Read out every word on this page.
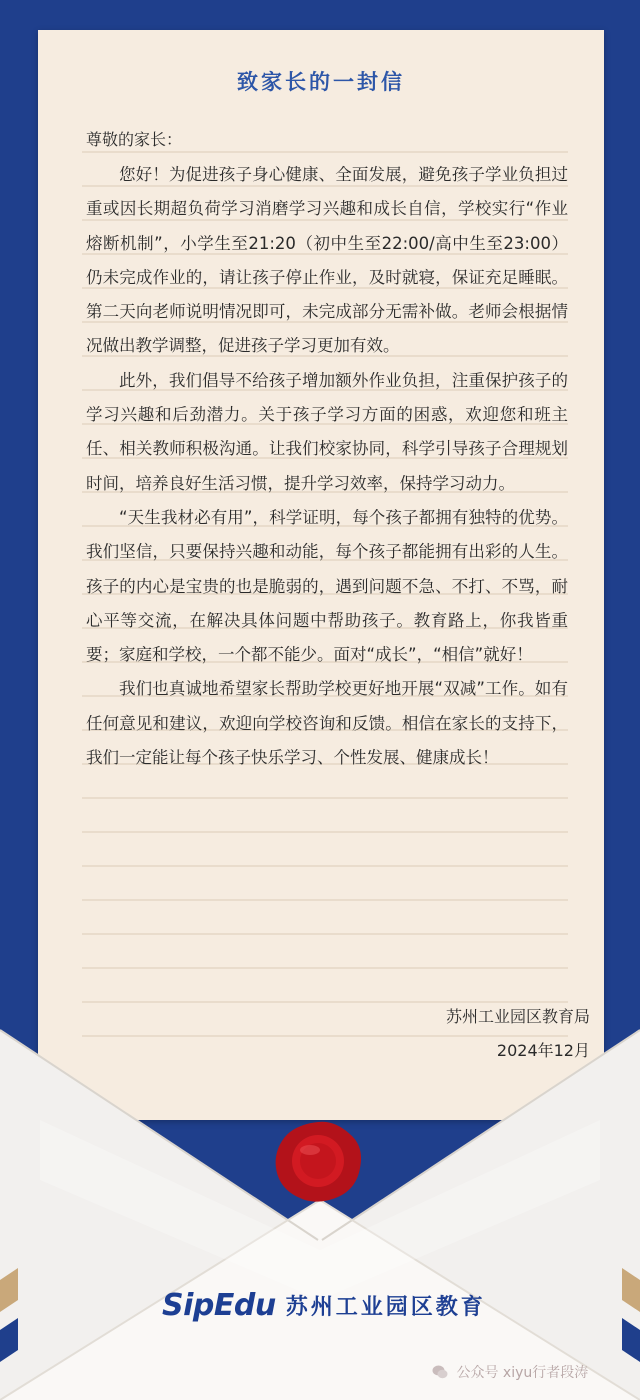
致家长的一封信
尊敬的家长：

您好！为促进孩子身心健康、全面发展，避免孩子学业负担过重或因长期超负荷学习消磨学习兴趣和成长自信，学校实行“作业熔断机制”，小学生至21:20（初中生至22:00/高中生至23:00）仍未完成作业的，请让孩子停止作业，及时就寝，保证充足睡眠。第二天向老师说明情况即可，未完成部分无需补做。老师会根据情况做出教学调整，促进孩子学习更加有效。

此外，我们倡导不给孩子增加额外作业负担，注重保护孩子的学习兴趣和后劲潜力。关于孩子学习方面的困惑，欢迎您和班主任、相关教师积极沟通。让我们校家协同，科学引导孩子合理规划时间，培养良好生活习惯，提升学习效率，保持学习动力。

“天生我材必有用”，科学证明，每个孩子都拥有独特的优势。我们坚信，只要保持兴趣和动能，每个孩子都能拥有出彩的人生。孩子的内心是宝贵的也是脆弱的，遇到问题不急、不打、不骂，耐心平等交流，在解决具体问题中帮助孩子。教育路上，你我皆重要；家庭和学校，一个都不能少。面对“成长”，“相信”就好！

我们也真诚地希望家长帮助学校更好地开展“双减”工作。如有任何意见和建议，欢迎向学校咨询和反馈。相信在家长的支持下，我们一定能让每个孩子快乐学习、个性发展、健康成长！

SipEdu 苏州工业园区教育
公众号 xiyu行者段涛
苏州工业园区教育局
2024年12月
